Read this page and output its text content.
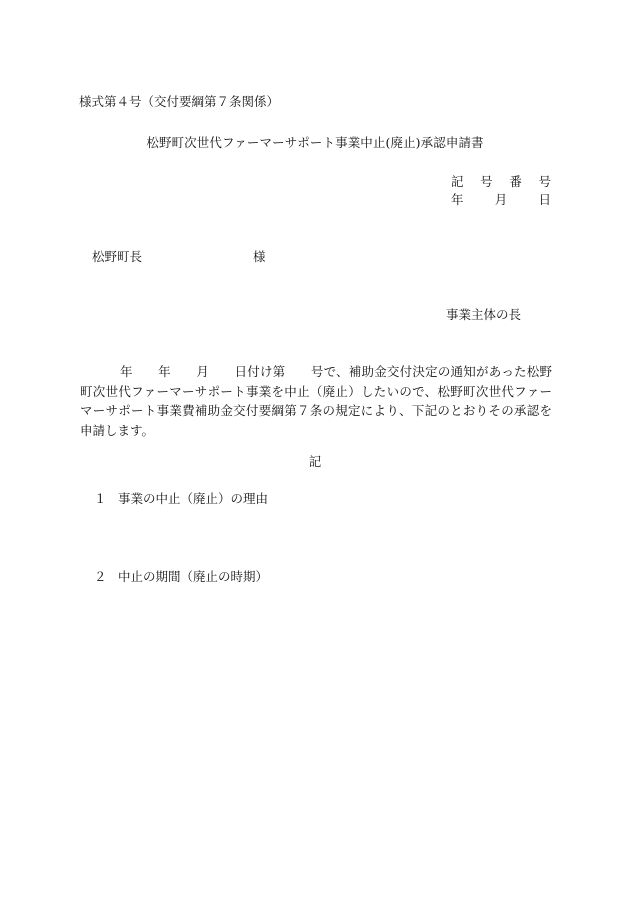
様式第４号（交付要綱第７条関係）
松野町次世代ファーマーサポート事業中止(廃止)承認申請書
記 号 番 号
年 月 日
松野町長	様
事業主体の長
年　　年　　月　　日付け第　　号で、補助金交付決定の通知があった松野町次世代ファーマーサポート事業を中止（廃止）したいので、松野町次世代ファーマーサポート事業費補助金交付要綱第７条の規定により、下記のとおりその承認を申請します。
記
１ 事業の中止（廃止）の理由
２ 中止の期間（廃止の時期）
